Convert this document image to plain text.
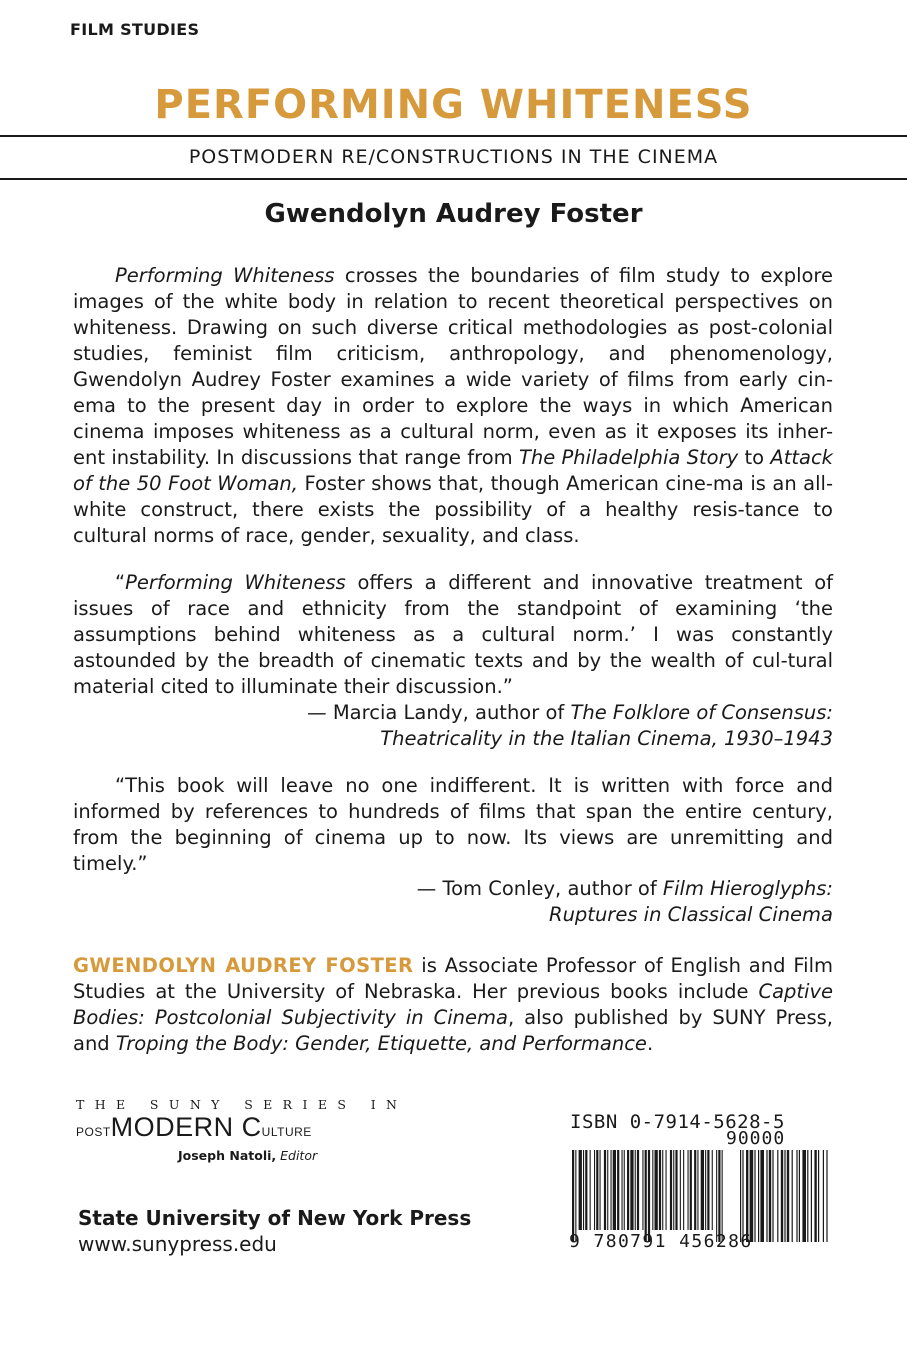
FILM STUDIES
PERFORMING WHITENESS
POSTMODERN RE/CONSTRUCTIONS IN THE CINEMA
Gwendolyn Audrey Foster

Performing Whiteness crosses the boundaries of film study to explore images of the white body in relation to recent theoretical perspectives on whiteness. Drawing on such diverse critical methodologies as post-colonial studies, feminist film criticism, anthropology, and phenomenology, Gwendolyn Audrey Foster examines a wide variety of films from early cin-ema to the present day in order to explore the ways in which American cinema imposes whiteness as a cultural norm, even as it exposes its inher-ent instability. In discussions that range from The Philadelphia Story to Attack of the 50 Foot Woman, Foster shows that, though American cine-ma is an all-white construct, there exists the possibility of a healthy resis-tance to cultural norms of race, gender, sexuality, and class.

“Performing Whiteness offers a different and innovative treatment of issues of race and ethnicity from the standpoint of examining ‘the assumptions behind whiteness as a cultural norm.’ I was constantly astounded by the breadth of cinematic texts and by the wealth of cul-tural material cited to illuminate their discussion.”

— Marcia Landy, author of The Folklore of Consensus:
Theatricality in the Italian Cinema, 1930–1943

“This book will leave no one indifferent. It is written with force and informed by references to hundreds of films that span the entire century, from the beginning of cinema up to now. Its views are unremitting and timely.”

— Tom Conley, author of Film Hieroglyphs:
Ruptures in Classical Cinema

GWENDOLYN AUDREY FOSTER is Associate Professor of English and Film Studies at the University of Nebraska. Her previous books include Captive Bodies: Postcolonial Subjectivity in Cinema, also published by SUNY Press, and Troping the Body: Gender, Etiquette, and Performance.

THE SUNY SERIES IN
POSTMODERN CULTURE
Joseph Natoli, Editor
State University of New York Press
www.sunypress.edu
ISBN 0-7914-5628-5
90000
9 780791 456286
